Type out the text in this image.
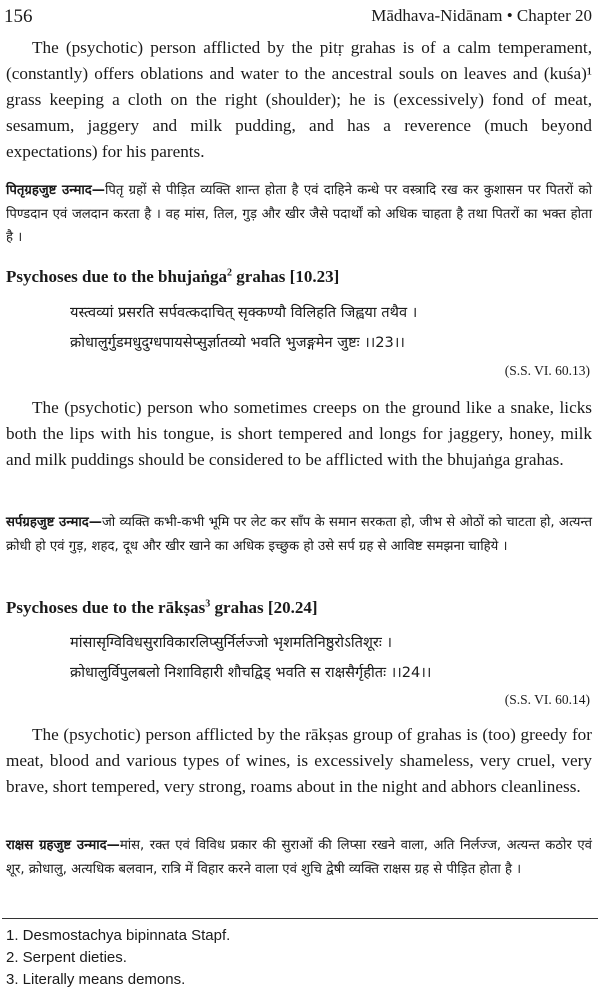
156	Mādhava-Nidānam • Chapter 20

The (psychotic) person afflicted by the pitṛ grahas is of a calm temperament, (constantly) offers oblations and water to the ancestral souls on leaves and (kuśa)¹ grass keeping a cloth on the right (shoulder); he is (excessively) fond of meat, sesamum, jaggery and milk pudding, and has a reverence (much beyond expectations) for his parents.

पितृग्रहजुष्ट उन्माद—पितृ ग्रहों से पीड़ित व्यक्ति शान्त होता है एवं दाहिने कन्धे पर वस्त्रादि रख कर कुशासन पर पितरों को पिण्डदान एवं जलदान करता है । वह मांस, तिल, गुड़ और खीर जैसे पदार्थों को अधिक चाहता है तथा पितरों का भक्त होता है ।

Psychoses due to the bhujaṅga$^2$ grahas [10.23]
यस्त्वव्यां प्रसरति सर्पवत्कदाचित् सृक्कण्यौ विलिहति जिह्वया तथैव ।
क्रोधालुर्गुडमधुदुग्धपायसेप्सुर्ज्ञातव्यो भवति भुजङ्गमेन जुष्टः ।।23।।
(S.S. VI. 60.13)

The (psychotic) person who sometimes creeps on the ground like a snake, licks both the lips with his tongue, is short tempered and longs for jaggery, honey, milk and milk puddings should be considered to be afflicted with the bhujaṅga grahas.

सर्पग्रहजुष्ट उन्माद—जो व्यक्ति कभी-कभी भूमि पर लेट कर साँप के समान सरकता हो, जीभ से ओठों को चाटता हो, अत्यन्त क्रोधी हो एवं गुड़, शहद, दूध और खीर खाने का अधिक इच्छुक हो उसे सर्प ग्रह से आविष्ट समझना चाहिये ।

Psychoses due to the rākṣas$^3$ grahas [20.24]
मांसासृग्विविधसुराविकारलिप्सुर्निर्लज्जो भृशमतिनिष्ठुरोऽतिशूरः ।
क्रोधालुर्विपुलबलो निशाविहारी शौचद्विड् भवति स राक्षसैर्गृहीतः ।।24।।
(S.S. VI. 60.14)

The (psychotic) person afflicted by the rākṣas group of grahas is (too) greedy for meat, blood and various types of wines, is excessively shameless, very cruel, very brave, short tempered, very strong, roams about in the night and abhors cleanliness.

राक्षस ग्रहजुष्ट उन्माद—मांस, रक्त एवं विविध प्रकार की सुराओं की लिप्सा रखने वाला, अति निर्लज्ज, अत्यन्त कठोर एवं शूर, क्रोधालु, अत्यधिक बलवान, रात्रि में विहार करने वाला एवं शुचि द्वेषी व्यक्ति राक्षस ग्रह से पीड़ित होता है ।

1. Desmostachya bipinnata Stapf.
2. Serpent dieties.
3. Literally means demons.
